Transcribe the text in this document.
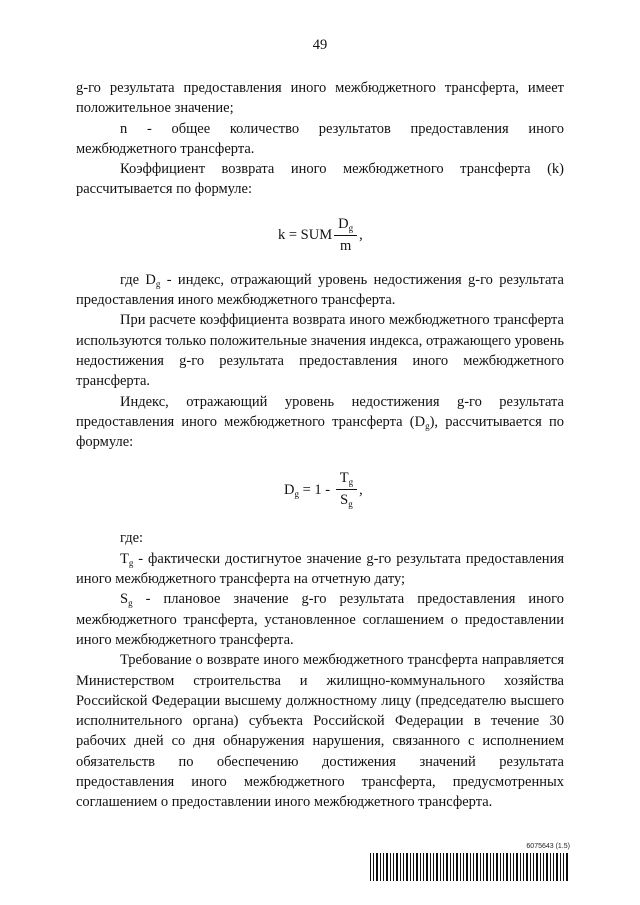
49

g-го результата предоставления иного межбюджетного трансферта, имеет положительное значение;

n - общее количество результатов предоставления иного межбюджетного трансферта.

Коэффициент возврата иного межбюджетного трансферта (k) рассчитывается по формуле:

k = SUM $\frac{D_g}{m}$ ,

где $D_g$ - индекс, отражающий уровень недостижения g-го результата предоставления иного межбюджетного трансферта.

При расчете коэффициента возврата иного межбюджетного трансферта используются только положительные значения индекса, отражающего уровень недостижения g-го результата предоставления иного межбюджетного трансферта.

Индекс, отражающий уровень недостижения g-го результата предоставления иного межбюджетного трансферта $(D_g)$, рассчитывается по формуле:

$D_g = 1 - \frac{T_g}{S_g}$ ,

где:

$T_g$ - фактически достигнутое значение g-го результата предоставления иного межбюджетного трансферта на отчетную дату;

$S_g$ - плановое значение g-го результата предоставления иного межбюджетного трансферта, установленное соглашением о предоставлении иного межбюджетного трансферта.

Требование о возврате иного межбюджетного трансферта направляется Министерством строительства и жилищно-коммунального хозяйства Российской Федерации высшему должностному лицу (председателю высшего исполнительного органа) субъекта Российской Федерации в течение 30 рабочих дней со дня обнаружения нарушения, связанного с исполнением обязательств по обеспечению достижения значений результата предоставления иного межбюджетного трансферта, предусмотренных соглашением о предоставлении иного межбюджетного трансферта.

6075643 (1.5)
